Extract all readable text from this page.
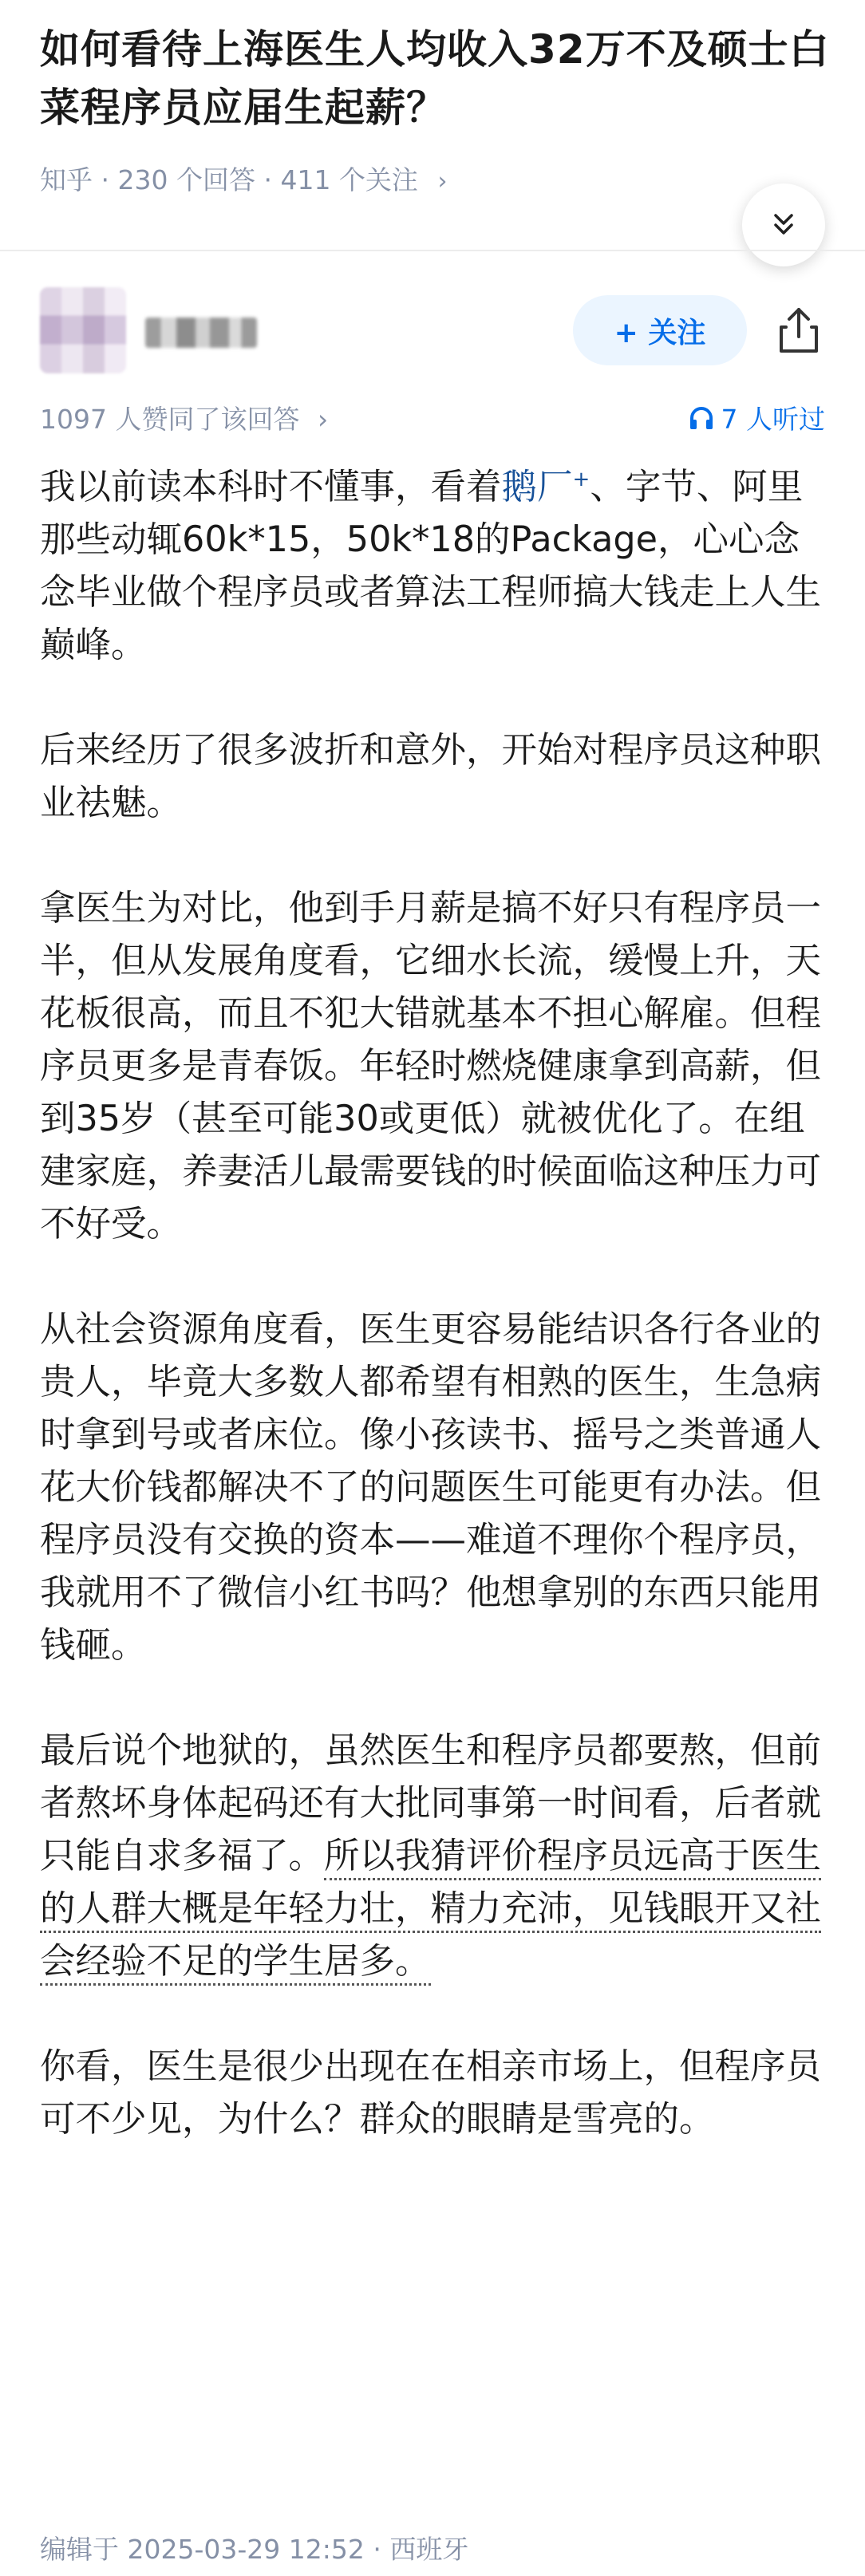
如何看待上海医生人均收入32万不及硕士白菜程序员应届生起薪？
知乎 · 230 个回答 · 411 个关注 ›
+ 关注
1097 人赞同了该回答 ›	7 人听过

我以前读本科时不懂事，看着鹅厂+、字节、阿里那些动辄60k*15，50k*18的Package，心心念念毕业做个程序员或者算法工程师搞大钱走上人生巅峰。

后来经历了很多波折和意外，开始对程序员这种职业祛魅。

拿医生为对比，他到手月薪是搞不好只有程序员一半，但从发展角度看，它细水长流，缓慢上升，天花板很高，而且不犯大错就基本不担心解雇。但程序员更多是青春饭。年轻时燃烧健康拿到高薪，但到35岁（甚至可能30或更低）就被优化了。在组建家庭，养妻活儿最需要钱的时候面临这种压力可不好受。

从社会资源角度看，医生更容易能结识各行各业的贵人，毕竟大多数人都希望有相熟的医生，生急病时拿到号或者床位。像小孩读书、摇号之类普通人花大价钱都解决不了的问题医生可能更有办法。但程序员没有交换的资本——难道不理你个程序员，我就用不了微信小红书吗？他想拿别的东西只能用钱砸。

最后说个地狱的，虽然医生和程序员都要熬，但前者熬坏身体起码还有大批同事第一时间看，后者就只能自求多福了。所以我猜评价程序员远高于医生的人群大概是年轻力壮，精力充沛，见钱眼开又社会经验不足的学生居多。

你看，医生是很少出现在在相亲市场上，但程序员可不少见，为什么？群众的眼睛是雪亮的。

编辑于 2025-03-29 12:52 · 西班牙
